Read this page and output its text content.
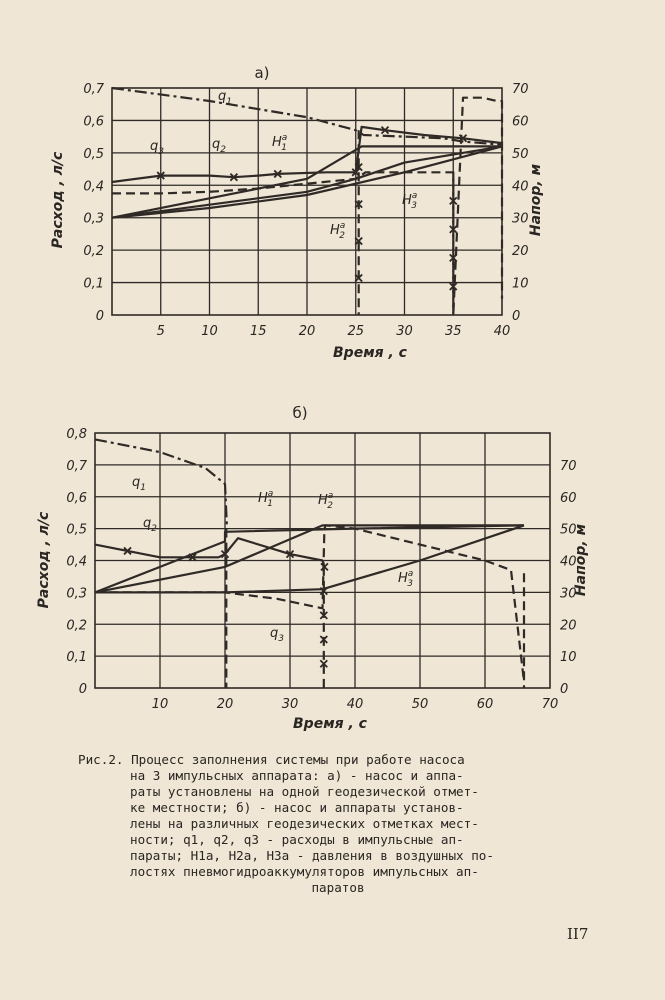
5	10 15 20 25 30 35 40
0
0,1
0,2
0,3
0,4
0,5
0,6
0,7
0
10
20
30
40
50
60
70
а)
Время , с
Расход , л/с	Напор, м
$q_1$
$q_2$
$q_3$
$H^a$ 1
$H^a$ 2
$H^a$ 3
10	20	30	40	50	60	70
0
0,1
0,2
0,3
0,4
0,5
0,6
0,7
0,8
0
10
20
30
40
50
60
70
б)
Время , с
Расход , л/с	Напор, м
$q_1$
$q_2$
$q_3$
$H^a$ 1	$H^a$ 2
$H^a$ 3
Рис.2. Процесс заполнения системы при работе насоса
на 3 импульсных аппарата: а) - насос и аппа-
раты установлены на одной геодезической отмет-
ке местности; б) - насос и аппараты установ-
лены на различных геодезических отметках мест-
ности; q1, q2, q3 - расходы в импульсные ап-
параты; H1a, H2a, H3a - давления в воздушных по-
лостях пневмогидроаккумуляторов импульсных ап-
паратов
II7
